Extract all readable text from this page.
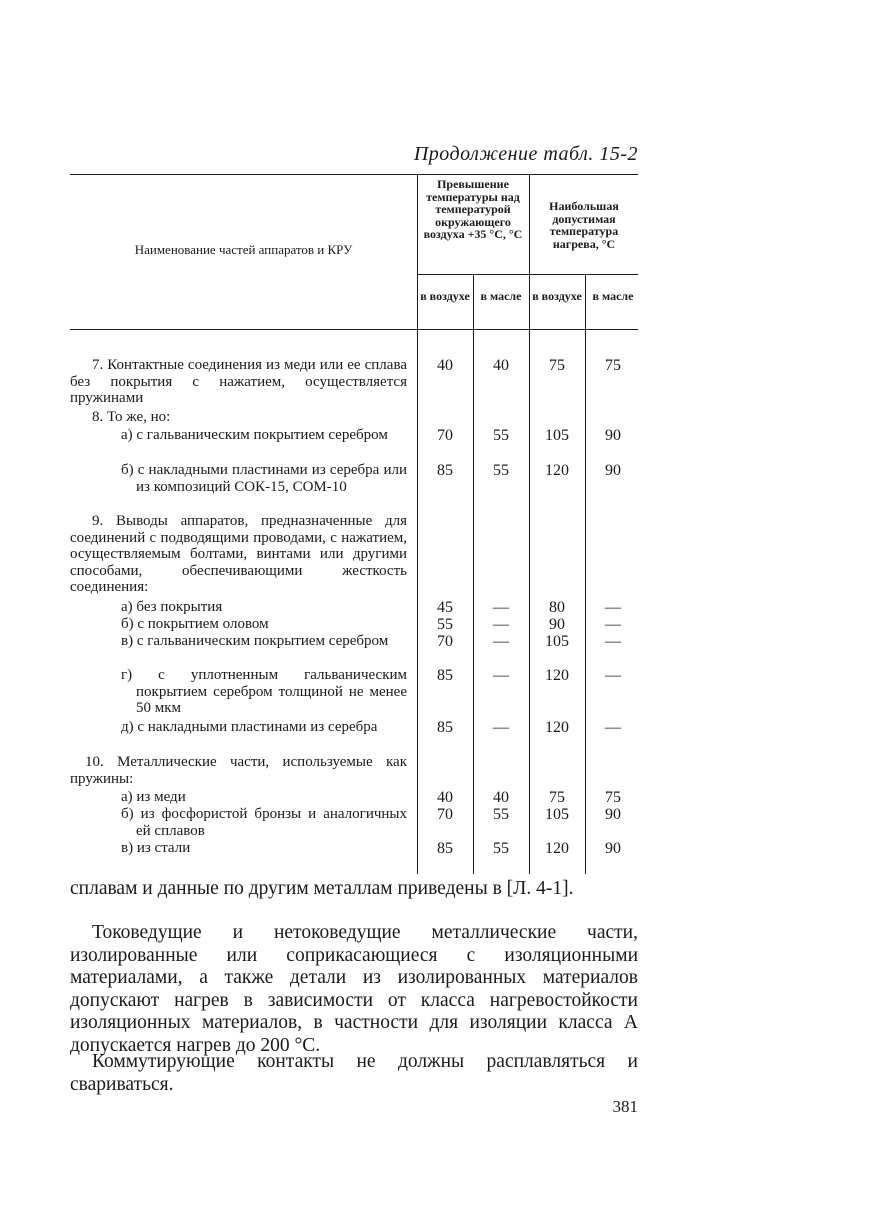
Продолжение табл. 15-2
Наименование частей аппаратов и КРУ
Превышение температуры над температурой окружающего воздуха +35 °С, °С
Наибольшая допустимая температура нагрева, °С
в воздухе в масле в воздухе в масле
7. Контактные соединения из меди или ее сплава без покрытия с нажатием, осуществляется пружинами
40	40	75	75
8. То же, но:
а) с гальваническим покрытием серебром	70	55	105	90
б) с накладными пластинами из серебра или из композиций СОК-15, СОМ-10
85	55	120	90
9. Выводы аппаратов, предназначенные для соединений с подводящими проводами, с нажатием, осуществляемым болтами, винтами или другими способами, обеспечивающими жесткость соединения:
а) без покрытия	45	—	80	—
б) с покрытием оловом	55	—	90	—
в) с гальваническим покрытием серебром	70	—	105	—
г) с уплотненным гальваническим покрытием серебром толщиной не менее 50 мкм
85	—	120	—
д) с накладными пластинами из серебра	85	—	120	—
10. Металлические части, используемые как пружины:
а) из меди	40	40	75	75
б) из фосфористой бронзы и аналогичных ей сплавов
70	55	105	90
в) из стали	85	55	120	90
сплавам и данные по другим металлам приведены в [Л. 4-1].
Токоведущие и нетоковедущие металлические части, изолированные или соприкасающиеся с изоляционными материалами, а также детали из изолированных материалов допускают нагрев в зависимости от класса нагревостойкости изоляционных материалов, в частности для изоляции класса А допускается нагрев до 200 °С.
Коммутирующие контакты не должны расплавляться и свариваться.
381
